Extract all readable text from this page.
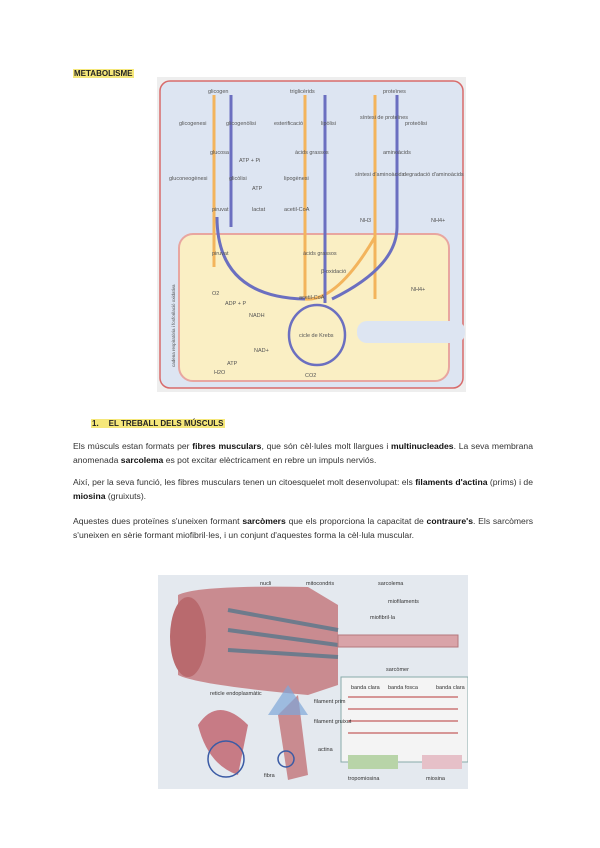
METABOLISME
glicogen	triglicèrids	proteïnes
glicogenesi	glicogenòlisi	esterificació	lipòlisi
síntesi de proteïnes
proteòlisi
glucosa	àcids grassos	aminoàcids
ATP + Pi
gluconeogènesi	glicòlisi	lipogènesi
síntesi d'aminoàcids
degradació d'aminoàcids
ATP
piruvat	lactat	acetil-CoA
NH3	NH4+
piruvat	àcids grassos
β-oxidació
acetil-CoA
cicle de Krebs
NH4+
O2
ADP + P
NADH
NAD+
ATP
H2O	CO2
cadena respiratòria i fosforilació oxidativa
1. EL TREBALL DELS MÚSCULS
Els músculs estan formats per fibres musculars, que són cèl·lules molt llargues i multinucleades. La seva membrana anomenada sarcolema es pot excitar elèctricament en rebre un impuls nerviós.
Així, per la seva funció, les fibres musculars tenen un citoesquelet molt desenvolupat: els filaments d'actina (prims) i de miosina (gruixuts).
Aquestes dues proteïnes s'uneixen formant sarcòmers que els proporciona la capacitat de contraure's. Els sarcòmers s'uneixen en sèrie formant miofibril·les, i un conjunt d'aquestes forma la cèl·lula muscular.
nucli	mitocondris	sarcolema
miofilaments
miofibril·la
reticle endoplasmàtic
sarcòmer
banda clara banda fosca	banda clara
filament prim
filament gruixut
actina
tropomiosina	miosina
fibra
